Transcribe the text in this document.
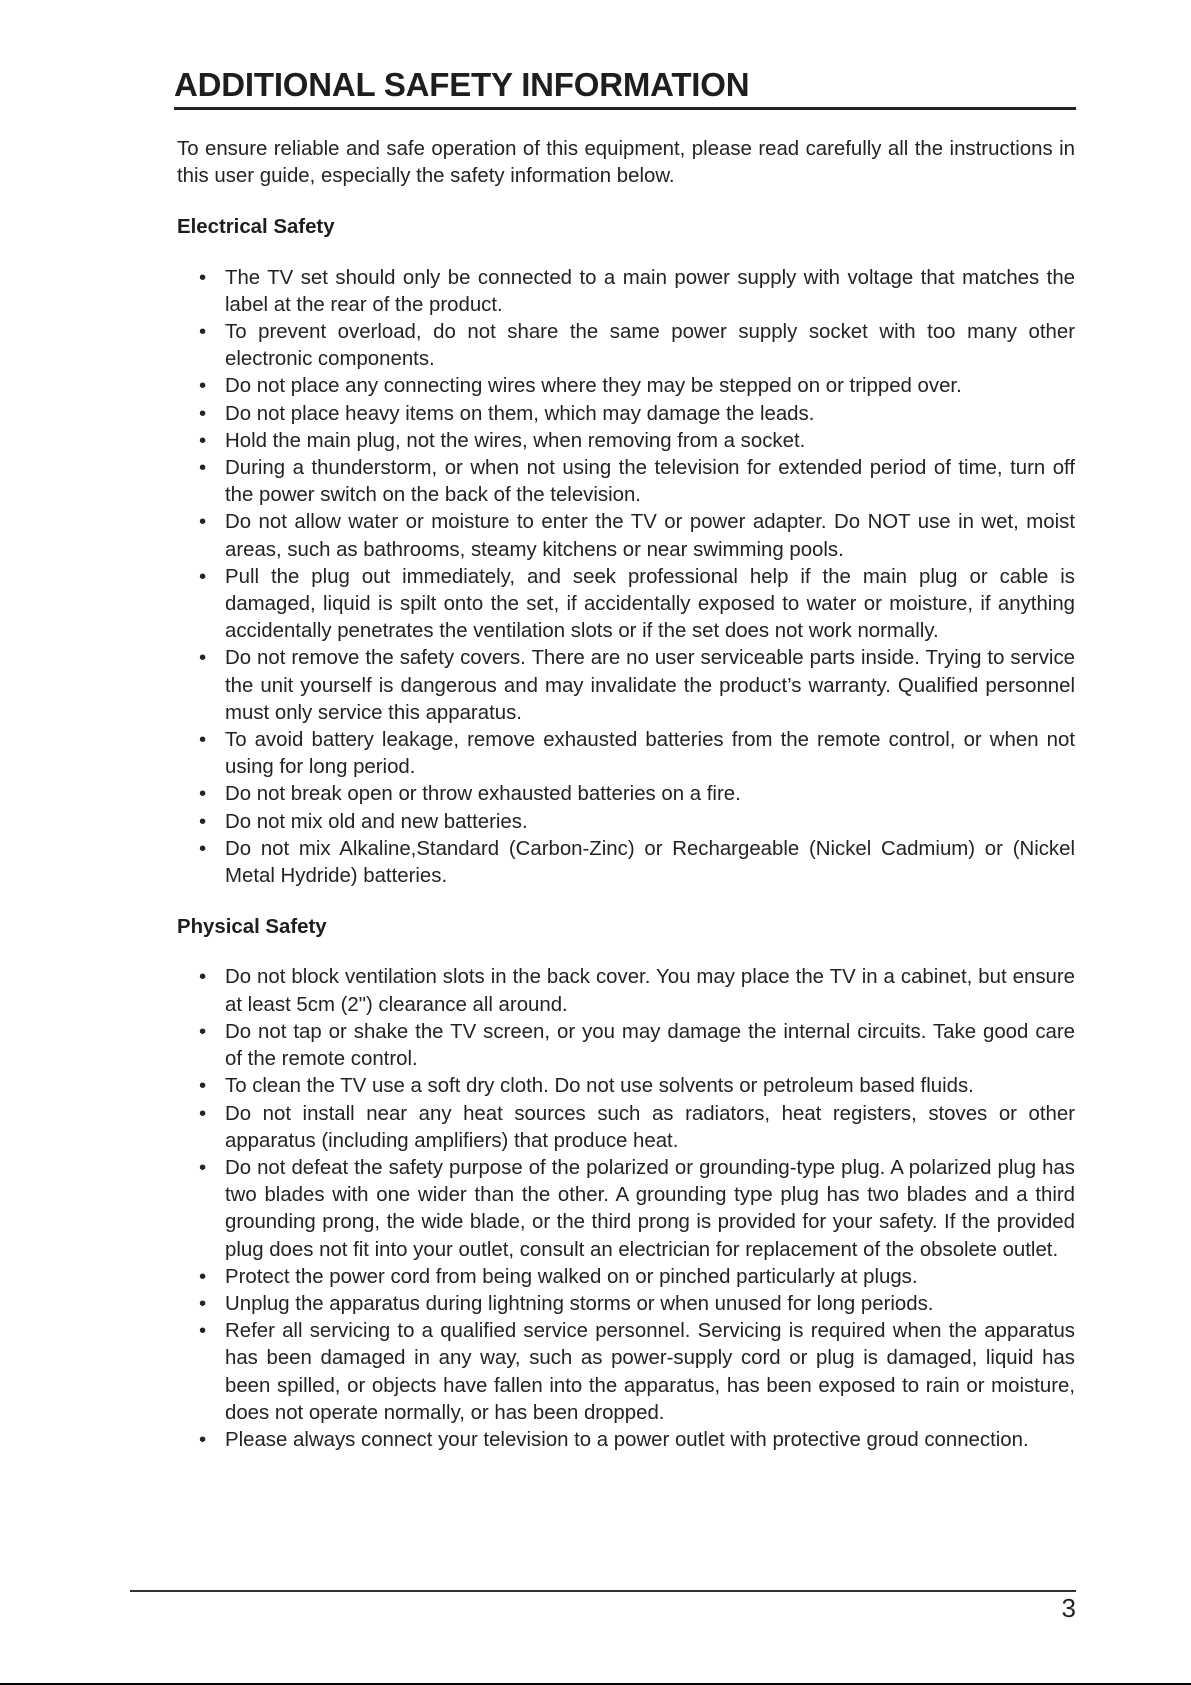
ADDITIONAL SAFETY INFORMATION

To ensure reliable and safe operation of this equipment, please read carefully all the instructions in this user guide, especially the safety information below.

Electrical Safety
• The TV set should only be connected to a main power supply with voltage that matches the label at the rear of the product.
• To prevent overload, do not share the same power supply socket with too many other electronic components.
• Do not place any connecting wires where they may be stepped on or tripped over.
• Do not place heavy items on them, which may damage the leads.
• Hold the main plug, not the wires, when removing from a socket.
• During a thunderstorm, or when not using the television for extended period of time, turn off the power switch on the back of the television.
• Do not allow water or moisture to enter the TV or power adapter. Do NOT use in wet, moist areas, such as bathrooms, steamy kitchens or near swimming pools.
• Pull the plug out immediately, and seek professional help if the main plug or cable is damaged, liquid is spilt onto the set, if accidentally exposed to water or moisture, if anything accidentally penetrates the ventilation slots or if the set does not work normally.
• Do not remove the safety covers. There are no user serviceable parts inside. Trying to service the unit yourself is dangerous and may invalidate the product’s warranty. Qualified personnel must only service this apparatus.
• To avoid battery leakage, remove exhausted batteries from the remote control, or when not using for long period.
• Do not break open or throw exhausted batteries on a fire.
• Do not mix old and new batteries.
• Do not mix Alkaline,Standard (Carbon-Zinc) or Rechargeable (Nickel Cadmium) or (Nickel Metal Hydride) batteries.
Physical Safety
• Do not block ventilation slots in the back cover. You may place the TV in a cabinet, but ensure at least 5cm (2") clearance all around.
• Do not tap or shake the TV screen, or you may damage the internal circuits. Take good care of the remote control.
• To clean the TV use a soft dry cloth. Do not use solvents or petroleum based fluids.
• Do not install near any heat sources such as radiators, heat registers, stoves or other apparatus (including amplifiers) that produce heat.
• Do not defeat the safety purpose of the polarized or grounding-type plug. A polarized plug has two blades with one wider than the other. A grounding type plug has two blades and a third grounding prong, the wide blade, or the third prong is provided for your safety. If the provided plug does not fit into your outlet, consult an electrician for replacement of the obsolete outlet.
• Protect the power cord from being walked on or pinched particularly at plugs.
• Unplug the apparatus during lightning storms or when unused for long periods.
• Refer all servicing to a qualified service personnel. Servicing is required when the apparatus has been damaged in any way, such as power-supply cord or plug is damaged, liquid has been spilled, or objects have fallen into the apparatus, has been exposed to rain or moisture, does not operate normally, or has been dropped.
• Please always connect your television to a power outlet with protective groud connection.
3
